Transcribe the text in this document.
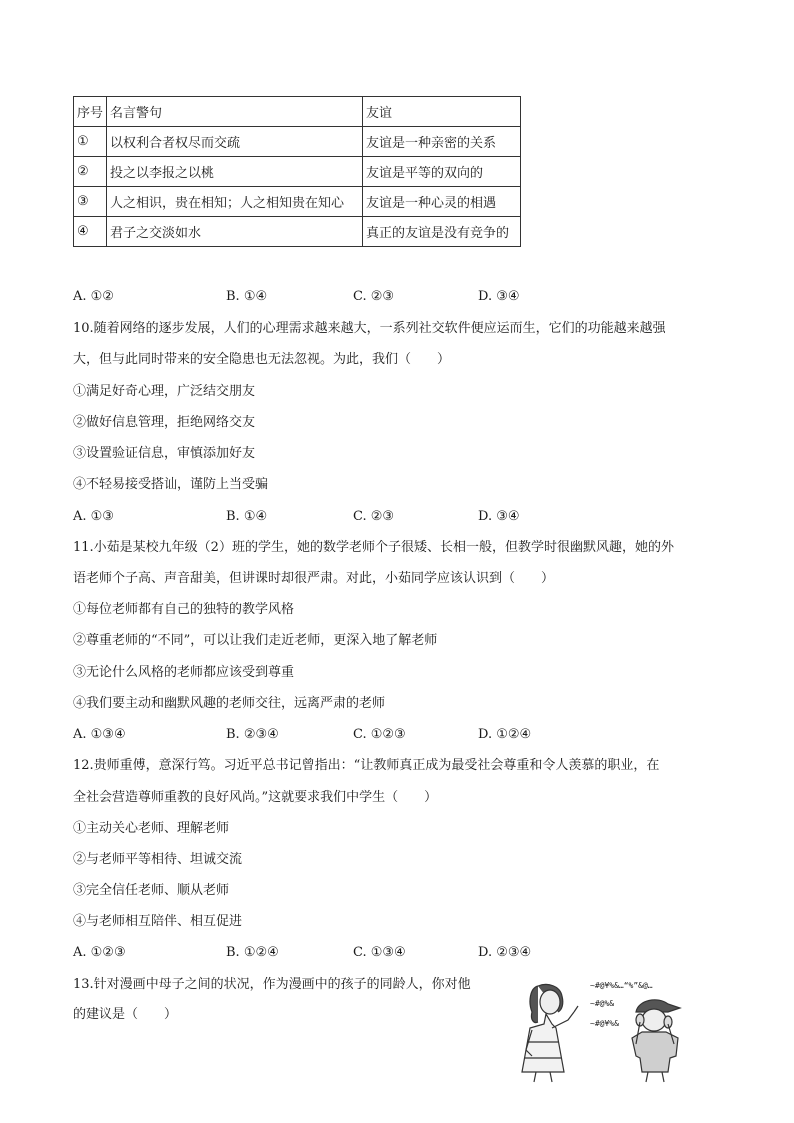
序号	名言警句	友谊
①	以权利合者权尽而交疏	友谊是一种亲密的关系
②	投之以李报之以桃	友谊是平等的双向的
③	人之相识，贵在相知；人之相知贵在知心	友谊是一种心灵的相遇
④	君子之交淡如水	真正的友谊是没有竞争的
A. ①②	B. ①④	C. ②③	D. ③④
10.随着网络的逐步发展，人们的心理需求越来越大，一系列社交软件便应运而生，它们的功能越来越强
大，但与此同时带来的安全隐患也无法忽视。为此，我们（　　）
①满足好奇心理，广泛结交朋友
②做好信息管理，拒绝网络交友
③设置验证信息，审慎添加好友
④不轻易接受搭讪，谨防上当受骗
A. ①③	B. ①④	C. ②③	D. ③④
11.小茹是某校九年级（2）班的学生，她的数学老师个子很矮、长相一般，但教学时很幽默风趣，她的外
语老师个子高、声音甜美，但讲课时却很严肃。对此，小茹同学应该认识到（　　）
①每位老师都有自己的独特的教学风格
②尊重老师的“不同”，可以让我们走近老师，更深入地了解老师
③无论什么风格的老师都应该受到尊重
④我们要主动和幽默风趣的老师交往，远离严肃的老师
A. ①③④	B. ②③④	C. ①②③	D. ①②④
12.贵师重傅，意深行笃。习近平总书记曾指出：“让教师真正成为最受社会尊重和令人羡慕的职业，在
全社会营造尊师重教的良好风尚。”这就要求我们中学生（　　）
①主动关心老师、理解老师
②与老师平等相待、坦诚交流
③完全信任老师、顺从老师
④与老师相互陪伴、相互促进
A. ①②③	B. ①②④	C. ①③④	D. ②③④
13.针对漫画中母子之间的状况，作为漫画中的孩子的同龄人，你对他
的建议是（　　）
~#@¥%&…“%”&@…
~#@%&
~#@¥%&
